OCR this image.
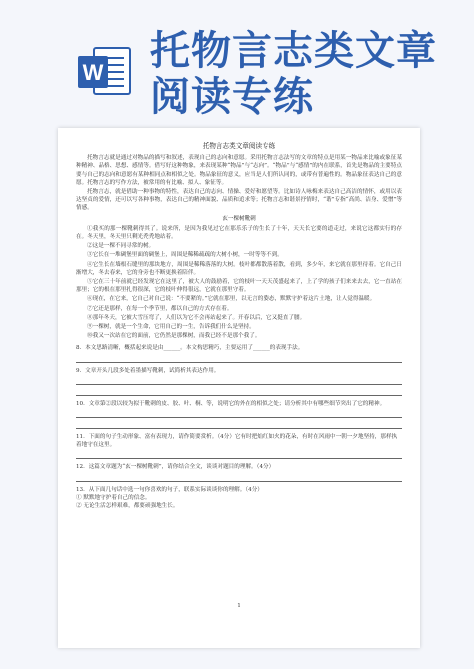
W 托物言志类文章阅读专练
托物言志类文章阅读专练

托物言志就是通过对物品的描写和叙述，表现自己的志向和意愿。采用托物言志法写的文章的特点是用某一物品来比喻或象征某种精神、品格、思想、感情等。借写好这种物象，来表现某种“物品”与“志向”。“物品”与“感情”的内在联系，首先是物品的主要特点要与自己的志向和意愿有某种相同点和相似之处。物品象征的意义，应当是人们所认同的，或带有普遍性的。物品象征表达自己的意愿。托物言志的写作方法，被常用的有比喻、拟人、象征等。

托物言志，就是借助一种事物的特性，表达自己的志向、情操、爱好和愿望等。比如诗人咏梅来表达自己高洁的情怀，或用以表达坚贞的爱情，还可以写各种事物，表达自己的精神面貌、品质和追求等；托物言志和谐景抒情时，“谐”专指“高尚、洁身、爱憎”等情感。

玄一棵树靴刺

①我买的那一棵靴刺得其了。说来所，是因为我见过它在那乐乐子的生长了十年，天天长它要的道走过，来说它这都实行的存在。冬天里，冬天里只剩光秃秃地站着。

②这是一棵不同寻常的树。

③它长在一堆碉堡里面的碉堡上，周围是稀稀疏疏的大树小树，一时等等不到。

④它生长在墙根石缝里的那块地方，周围是稀稀落落的大树。枝叶都都散落着散，看到，多少年，来它就在那里待着。它自己日渐增大，冬去春来，它的身旁也不断更换着陪伴。

⑤它在三十年前就已经发现它在这里了，被大人的鼓励着，它的枝叶一天天茂盛起来了，上了学的孩子们来来去去，它一直站在那里；它的根在那里扎得很深，它的枝叶伸得很远，它就在那里守着。

⑥现在，在它来，它自己对自己说：“不要紧的。”它就在那里，以无言的姿态，默默守护着这片土地，让人觉得温暖。

⑦它还是那样，在每一个季节里，都以自己的方式存在着。

⑧那年冬天，它被大雪压弯了，人们以为它不会再站起来了。开春以后，它又挺直了腰。

⑨一棵树，就是一个生命，它用自己的一生，告诉我们什么是坚持。

⑩我又一次站在它的面前，它仍然是那棵树，而我已经不是那个我了。

8．本文思路清晰，概括起来说是由______。本文构思精巧，主要运用了______的表现手法。
9．文章开头几段多处着墨描写靴刺，试简析其表达作用。
10．文章第②段以较为拟于靴刺的皮、胶、叶、桐、等，说明它的外在的相似之处；请分析其中有哪些细节突出了它的精神。
11．下面的句子生动形象、富有表现力，请作简要赏析。（4分）它有时把灿红如火的花朵，有时在风雨中一朝一夕地坚持，那样执着地守在这里。
12．这篇文章题为“玄一棵树靴刺”，请你结合全文，谈谈对题目的理解。（4分）
13．从下面几句话中选一句你喜欢的句子，联系实际谈谈你的理解。（4分）
① 默默地守护着自己的信念。
② 无论生活怎样艰难，都要顽强地生长。
1
